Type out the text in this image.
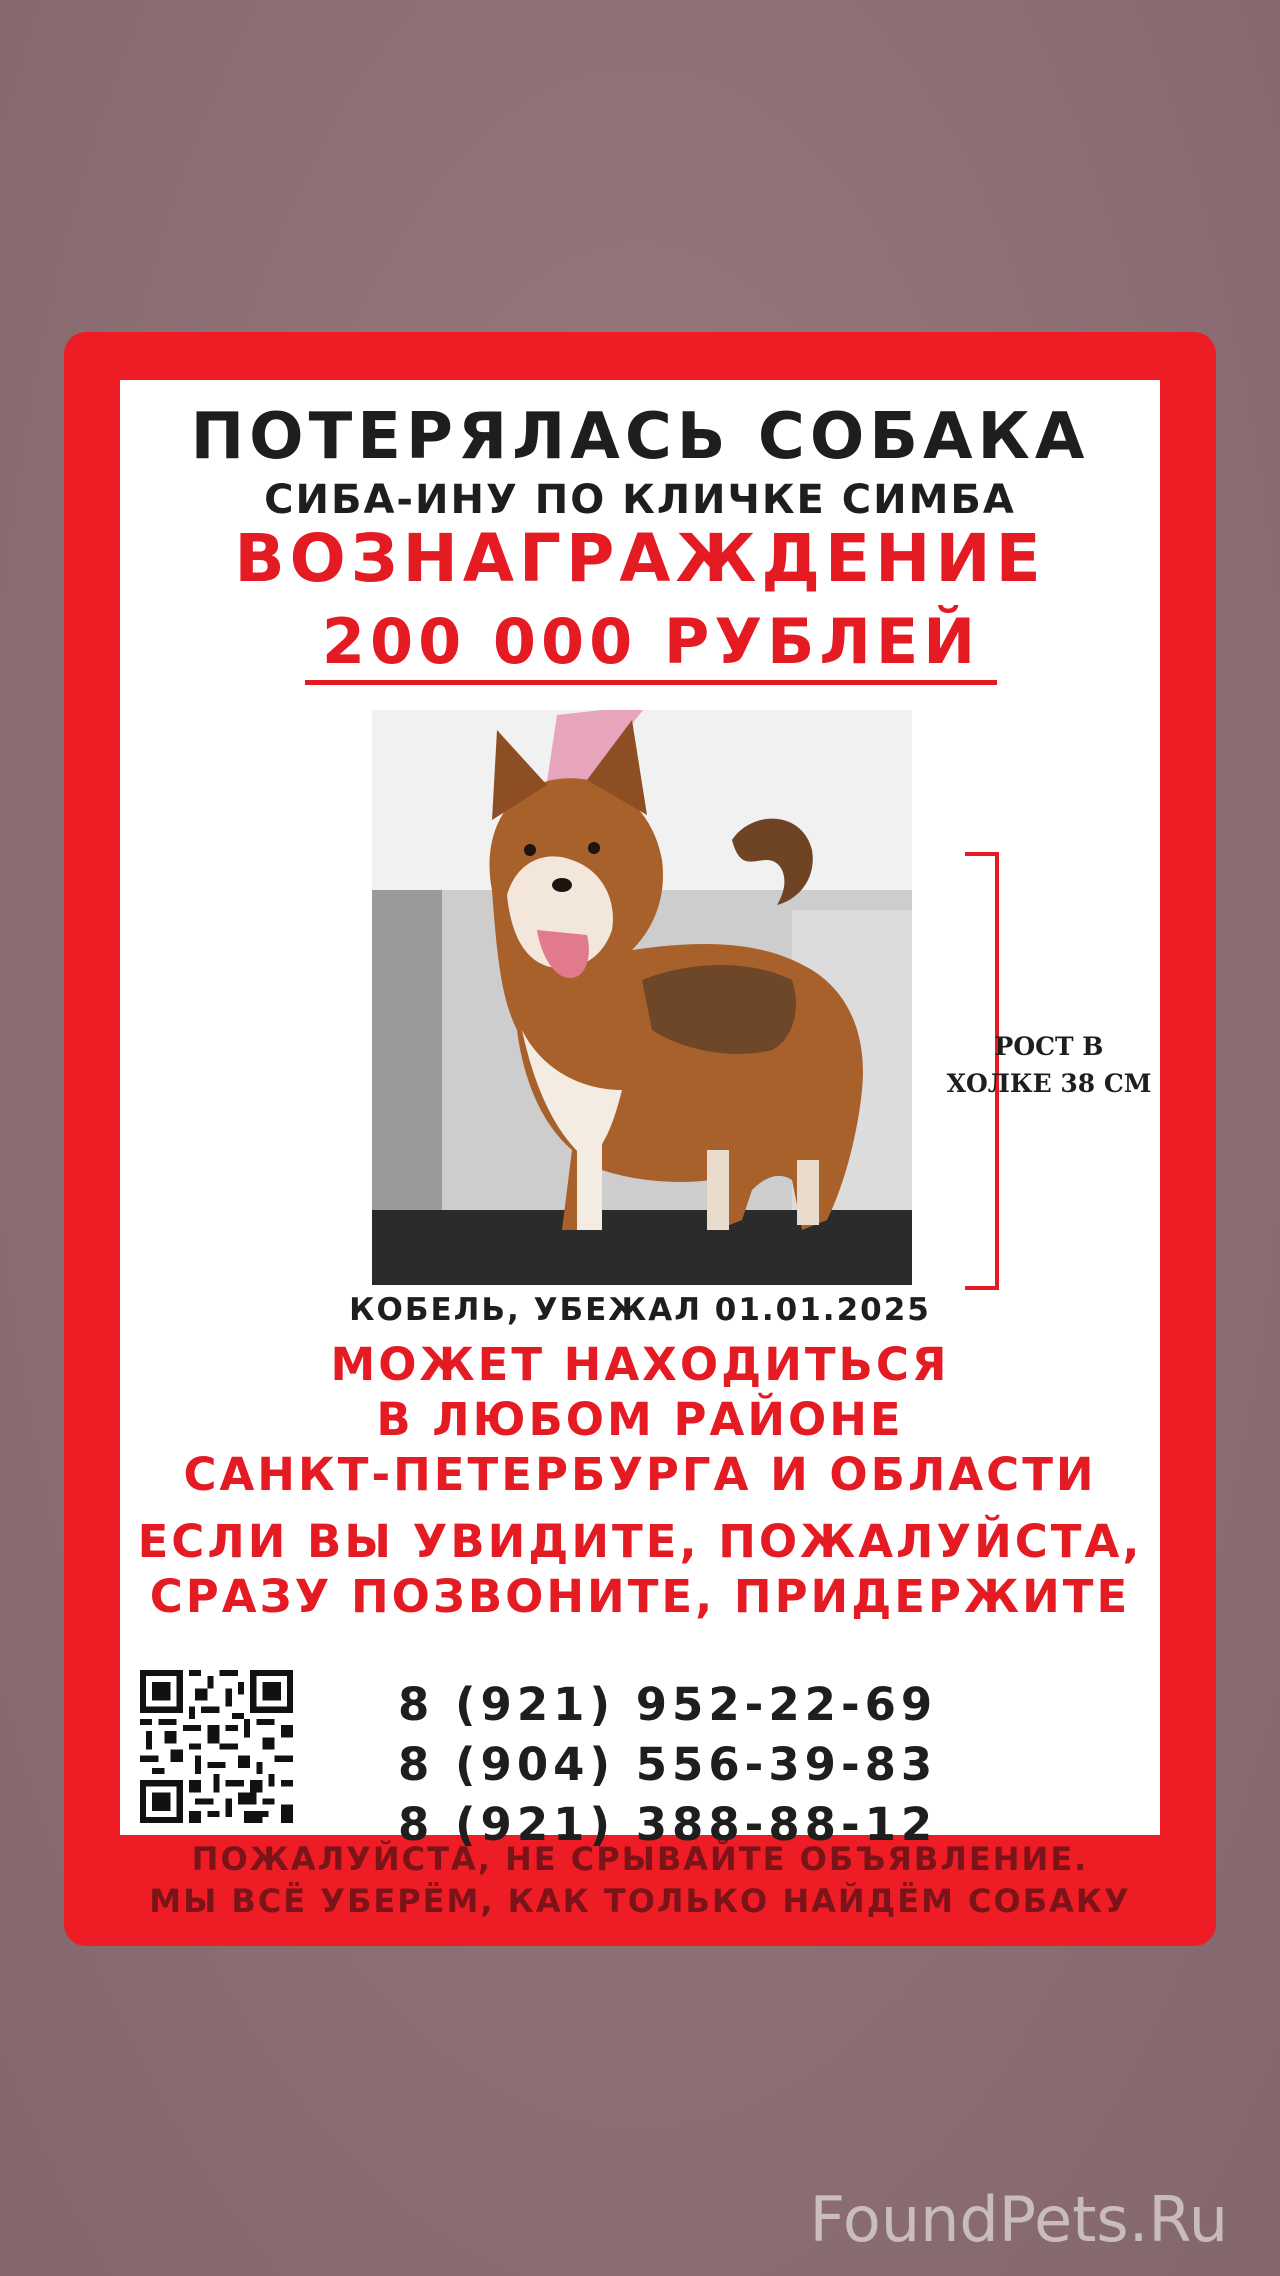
ПОТЕРЯЛАСЬ СОБАКА

СИБА-ИНУ ПО КЛИЧКЕ СИМБА

ВОЗНАГРАЖДЕНИЕ

200 000 РУБЛЕЙ
РОСТ В ХОЛКЕ 38 СМ

КОБЕЛЬ, УБЕЖАЛ 01.01.2025

МОЖЕТ НАХОДИТЬСЯ

В ЛЮБОМ РАЙОНЕ

САНКТ-ПЕТЕРБУРГА И ОБЛАСТИ

ЕСЛИ ВЫ УВИДИТЕ, ПОЖАЛУЙСТА,

СРАЗУ ПОЗВОНИТЕ, ПРИДЕРЖИТЕ

8 (921) 952-22-69
8 (904) 556-39-83
8 (921) 388-88-12
ПОЖАЛУЙСТА, НЕ СРЫВАЙТЕ ОБЪЯВЛЕНИЕ.
МЫ ВСЁ УБЕРЁМ, КАК ТОЛЬКО НАЙДЁМ СОБАКУ
FoundPets.Ru
